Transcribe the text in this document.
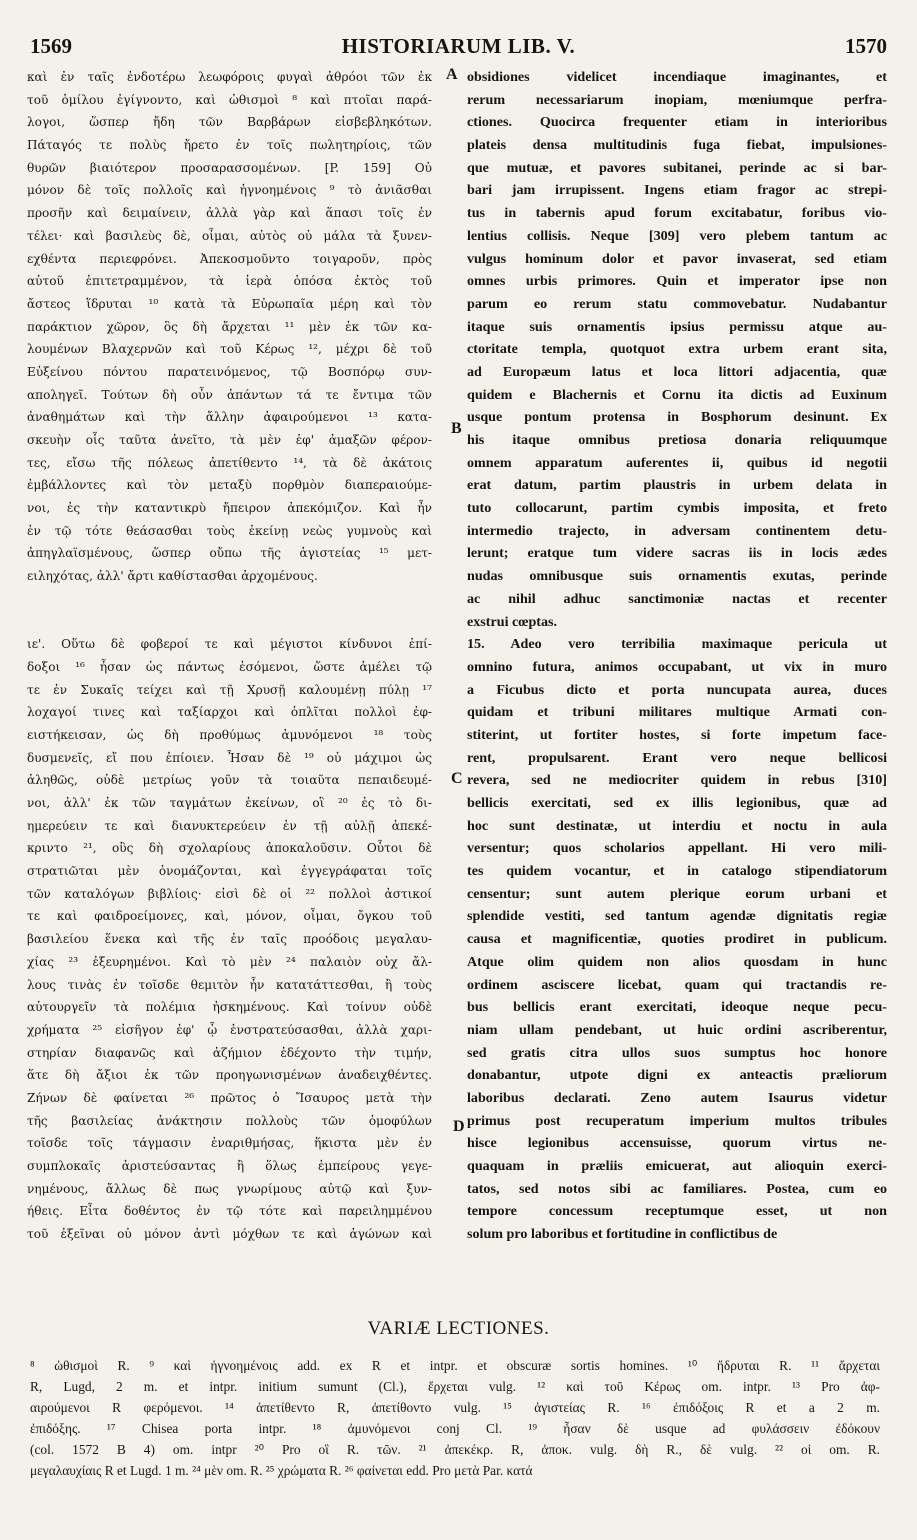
1569	HISTORIARUM LIB. V.	1570
καὶ ἐν ταῖς ἐνδοτέρω λεωφόροις φυγαὶ ἀθρόοι τῶν ἐκ
τοῦ ὁμίλου ἐγίγνοντο, καὶ ὠθισμοὶ ⁸ καὶ πτοῖαι παρά-
λογοι, ὥσπερ ἤδη τῶν Βαρβάρων εἰσβεβληκότων.
Πάταγός τε πολὺς ἤρετο ἐν τοῖς πωλητηρίοις, τῶν
θυρῶν βιαιότερον προσαρασσομένων. [P. 159] Οὐ
μόνον δὲ τοῖς πολλοῖς καὶ ἠγνοημένοις ⁹ τὸ ἀνιᾶσθαι
προσῆν καὶ δειμαίνειν, ἀλλὰ γὰρ καὶ ἅπασι τοῖς ἐν
τέλει· καὶ βασιλεὺς δὲ, οἶμαι, αὐτὸς οὐ μάλα τὰ ξυνεν-
εχθέντα περιεφρόνει. Ἀπεκοσμοῦντο τοιγαροῦν, πρὸς
αὐτοῦ ἐπιτετραμμένον, τὰ ἱερὰ ὁπόσα ἐκτὸς τοῦ
ἄστεος ἵδρυται ¹⁰ κατὰ τὰ Εὐρωπαῖα μέρη καὶ τὸν
παράκτιον χῶρον, ὃς δὴ ἄρχεται ¹¹ μὲν ἐκ τῶν κα-
λουμένων Βλαχερνῶν καὶ τοῦ Κέρως ¹², μέχρι δὲ τοῦ
Εὐξείνου πόντου παρατεινόμενος, τῷ Βοσπόρῳ συν-
αποληγεῖ. Τούτων δὴ οὖν ἁπάντων τά τε ἔντιμα τῶν
ἀναθημάτων καὶ τὴν ἄλλην ἀφαιρούμενοι ¹³ κατα-
σκευὴν οἷς ταῦτα ἀνεῖτο, τὰ μὲν ἐφ' ἁμαξῶν φέρον-
τες, εἴσω τῆς πόλεως ἀπετίθεντο ¹⁴, τὰ δὲ ἀκάτοις
ἐμβάλλοντες καὶ τὸν μεταξὺ πορθμὸν διαπεραιούμε-
νοι, ἐς τὴν καταντικρὺ ἤπειρον ἀπεκόμιζον. Καὶ ἦν
ἐν τῷ τότε θεάσασθαι τοὺς ἐκείνῃ νεὼς γυμνοὺς καὶ
ἀπηγλαϊσμένους, ὥσπερ οὔπω τῆς ἁγιστείας ¹⁵ μετ-
ειληχότας, ἀλλ' ἄρτι καθίστασθαι ἀρχομένους.
ιε'. Οὕτω δὲ φοβεροί τε καὶ μέγιστοι κίνδυνοι ἐπί-
δοξοι ¹⁶ ἦσαν ὡς πάντως ἐσόμενοι, ὥστε ἀμέλει τῷ
τε ἐν Συκαῖς τείχει καὶ τῇ Χρυσῇ καλουμένῃ πύλῃ ¹⁷
λοχαγοί τινες καὶ ταξίαρχοι καὶ ὁπλῖται πολλοὶ ἐφ-
ειστήκεισαν, ὡς δὴ προθύμως ἀμυνόμενοι ¹⁸ τοὺς
δυσμενεῖς, εἴ που ἐπίοιεν. Ἦσαν δὲ ¹⁹ οὐ μάχιμοι ὡς
ἀληθῶς, οὐδὲ μετρίως γοῦν τὰ τοιαῦτα πεπαιδευμέ-
νοι, ἀλλ' ἐκ τῶν ταγμάτων ἐκείνων, οἳ ²⁰ ἐς τὸ δι-
ημερεύειν τε καὶ διανυκτερεύειν ἐν τῇ αὐλῇ ἀπεκέ-
κριντο ²¹, οὓς δὴ σχολαρίους ἀποκαλοῦσιν. Οὗτοι δὲ
στρατιῶται μὲν ὀνομάζονται, καὶ ἐγγεγράφαται τοῖς
τῶν καταλόγων βιβλίοις· εἰσὶ δὲ οἱ ²² πολλοὶ ἀστικοί
τε καὶ φαιδροείμονες, καὶ, μόνον, οἶμαι, ὄγκου τοῦ
βασιλείου ἕνεκα καὶ τῆς ἐν ταῖς προόδοις μεγαλαυ-
χίας ²³ ἐξευρημένοι. Καὶ τὸ μὲν ²⁴ παλαιὸν οὐχ ἄλ-
λους τινὰς ἐν τοῖσδε θεμιτὸν ἦν κατατάττεσθαι, ἢ τοὺς
αὐτουργεῖν τὰ πολέμια ἠσκημένους. Καὶ τοίνυν οὐδὲ
χρήματα ²⁵ εἰσῆγον ἐφ' ᾧ ἐνστρατεύσασθαι, ἀλλὰ χαρι-
στηρίαν διαφανῶς καὶ ἀζήμιον ἐδέχοντο τὴν τιμήν,
ἅτε δὴ ἄξιοι ἐκ τῶν προηγωνισμένων ἀναδειχθέντες.
Ζήνων δὲ φαίνεται ²⁶ πρῶτος ὁ Ἴσαυρος μετὰ τὴν
τῆς βασιλείας ἀνάκτησιν πολλοὺς τῶν ὁμοφύλων
τοῖσδε τοῖς τάγμασιν ἐναριθμήσας, ἥκιστα μὲν ἐν
συμπλοκαῖς ἀριστεύσαντας ἢ ὅλως ἐμπείρους γεγε-
νημένους, ἄλλως δὲ πως γνωρίμους αὐτῷ καὶ ξυν-
ήθεις. Εἶτα δοθέντος ἐν τῷ τότε καὶ παρειλημμένου
τοῦ ἐξεῖναι οὐ μόνον ἀντὶ μόχθων τε καὶ ἀγώνων καὶ
obsidiones videlicet incendiaque imaginantes, et
rerum necessariarum inopiam, mœniumque perfra-
ctiones. Quocirca frequenter etiam in interioribus
plateis densa multitudinis fuga fiebat, impulsiones-
que mutuæ, et pavores subitanei, perinde ac si bar-
bari jam irrupissent. Ingens etiam fragor ac strepi-
tus in tabernis apud forum excitabatur, foribus vio-
lentius collisis. Neque [309] vero plebem tantum ac
vulgus hominum dolor et pavor invaserat, sed etiam
omnes urbis primores. Quin et imperator ipse non
parum eo rerum statu commovebatur. Nudabantur
itaque suis ornamentis ipsius permissu atque au-
ctoritate templa, quotquot extra urbem erant sita,
ad Europæum latus et loca littori adjacentia, quæ
quidem e Blachernis et Cornu ita dictis ad Euxinum
usque pontum protensa in Bosphorum desinunt. Ex
his itaque omnibus pretiosa donaria reliquumque
omnem apparatum auferentes ii, quibus id negotii
erat datum, partim plaustris in urbem delata in
tuto collocarunt, partim cymbis imposita, et freto
intermedio trajecto, in adversam continentem detu-
lerunt; eratque tum videre sacras iis in locis ædes
nudas omnibusque suis ornamentis exutas, perinde
ac nihil adhuc sanctimoniæ nactas et recenter
exstrui cœptas.
15. Adeo vero terribilia maximaque pericula ut
omnino futura, animos occupabant, ut vix in muro
a Ficubus dicto et porta nuncupata aurea, duces
quidam et tribuni militares multique Armati con-
stiterint, ut fortiter hostes, si forte impetum face-
rent, propulsarent. Erant vero neque bellicosi
revera, sed ne mediocriter quidem in rebus [310]
bellicis exercitati, sed ex illis legionibus, quæ ad
hoc sunt destinatæ, ut interdiu et noctu in aula
versentur; quos scholarios appellant. Hi vero mili-
tes quidem vocantur, et in catalogo stipendiatorum
censentur; sunt autem plerique eorum urbani et
splendide vestiti, sed tantum agendæ dignitatis regiæ
causa et magnificentiæ, quoties prodiret in publicum.
Atque olim quidem non alios quosdam in hunc
ordinem asciscere licebat, quam qui tractandis re-
bus bellicis erant exercitati, ideoque neque pecu-
niam ullam pendebant, ut huic ordini ascriberentur,
sed gratis citra ullos suos sumptus hoc honore
donabantur, utpote digni ex anteactis præliorum
laboribus declarati. Zeno autem Isaurus videtur
primus post recuperatum imperium multos tribules
hisce legionibus accensuisse, quorum virtus ne-
quaquam in præliis emicuerat, aut alioquin exerci-
tatos, sed notos sibi ac familiares. Postea, cum eo
tempore concessum receptumque esset, ut non
solum pro laboribus et fortitudine in conflictibus de
A
B
C
D
VARIÆ LECTIONES.
⁸ ὠθισμοὶ R. ⁹ καὶ ἠγνοημένοις add. ex R et intpr. et obscuræ sortis homines. ¹⁰ ἤδρυται R. ¹¹ ἄρχεται
R, Lugd, 2 m. et intpr. initium sumunt (Cl.), ἔρχεται vulg. ¹² καὶ τοῦ Κέρως om. intpr. ¹³ Pro ἀφ-
αιρούμενοι R φερόμενοι. ¹⁴ ἀπετίθεντο R, ἀπετίθοντο vulg. ¹⁵ ἁγιστείας R. ¹⁶ ἐπιδόξοις R et a 2 m.
ἐπιδόξης. ¹⁷ Chisea porta intpr. ¹⁸ ἀμυνόμενοι conj Cl. ¹⁹ ἦσαν δὲ usque ad φυλάσσειν ἐδόκουν
(col. 1572 B 4) om. intpr ²⁰ Pro οἳ R. τῶν. ²¹ ἀπεκέκρ. R, ἀποκ. vulg. δὴ R., δὲ vulg. ²² οἱ om. R.
μεγαλαυχίαις R et Lugd. 1 m. ²⁴ μὲν om. R. ²⁵ χρώματα R. ²⁶ φαίνεται edd. Pro μετὰ Par. κατά
